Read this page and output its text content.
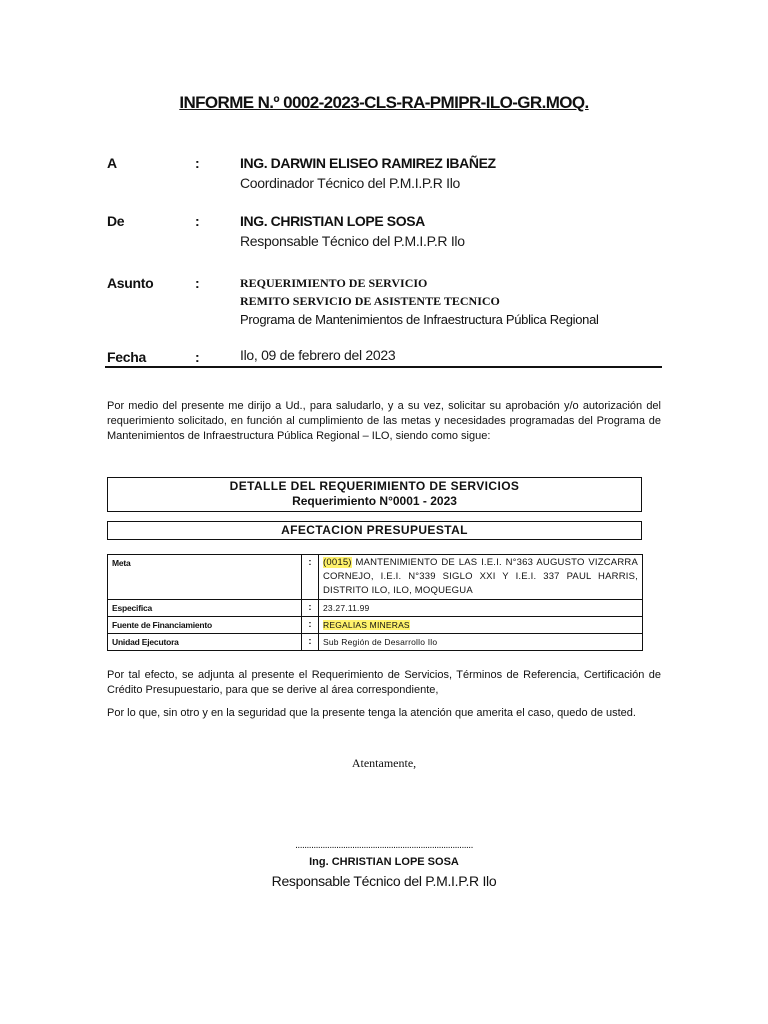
INFORME N.º 0002-2023-CLS-RA-PMIPR-ILO-GR.MOQ.
A	:	ING. DARWIN ELISEO RAMIREZ IBAÑEZ
Coordinador Técnico del P.M.I.P.R Ilo
De	:	ING. CHRISTIAN LOPE SOSA
Responsable Técnico del P.M.I.P.R Ilo
Asunto	:	REQUERIMIENTO DE SERVICIO
REMITO SERVICIO DE ASISTENTE TECNICO
Programa de Mantenimientos de Infraestructura Pública Regional
Fecha	:	Ilo, 09 de febrero del 2023
Por medio del presente me dirijo a Ud., para saludarlo, y a su vez, solicitar su aprobación y/o autorización del requerimiento solicitado, en función al cumplimiento de las metas y necesidades programadas del Programa de Mantenimientos de Infraestructura Pública Regional – ILO, siendo como sigue:
DETALLE DEL REQUERIMIENTO DE SERVICIOS
Requerimiento N°0001 - 2023
AFECTACION PRESUPUESTAL
Meta	:	(0015) MANTENIMIENTO DE LAS I.E.I. N°363 AUGUSTO VIZCARRA CORNEJO, I.E.I. N°339 SIGLO XXI Y I.E.I. 337 PAUL HARRIS, DISTRITO ILO, ILO, MOQUEGUA
Especifica	:	23.27.11.99
Fuente de Financiamiento	:	REGALIAS MINERAS
Unidad Ejecutora	:	Sub Región de Desarrollo Ilo
Por tal efecto, se adjunta al presente el Requerimiento de Servicios, Términos de Referencia, Certificación de Crédito Presupuestario, para que se derive al área correspondiente,
Por lo que, sin otro y en la seguridad que la presente tenga la atención que amerita el caso, quedo de usted.
Atentamente,
..............................................................................
Ing. CHRISTIAN LOPE SOSA
Responsable Técnico del P.M.I.P.R Ilo
